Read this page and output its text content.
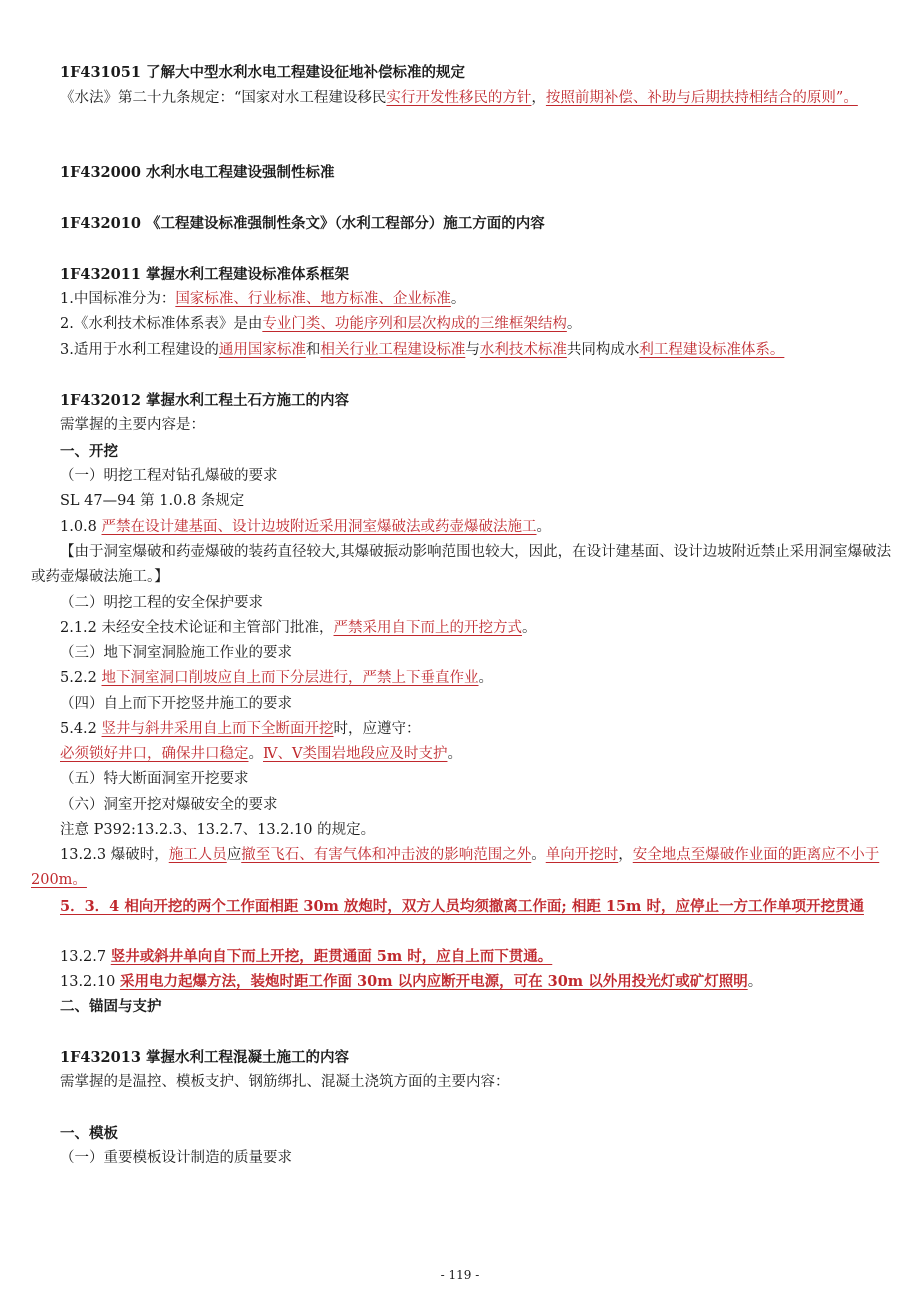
1F431051 了解大中型水利水电工程建设征地补偿标准的规定
《水法》第二十九条规定：“国家对水工程建设移民实行开发性移民的方针，按照前期补偿、补助与后期扶持相结合的原则”。
1F432000 水利水电工程建设强制性标准
1F432010 《工程建设标准强制性条文》（水利工程部分）施工方面的内容
1F432011 掌握水利工程建设标准体系框架
1.中国标准分为：国家标准、行业标准、地方标准、企业标准。
2.《水利技术标准体系表》是由专业门类、功能序列和层次构成的三维框架结构。
3.适用于水利工程建设的通用国家标准和相关行业工程建设标准与水利技术标准共同构成水利工程建设标准体系。
1F432012 掌握水利工程土石方施工的内容
需掌握的主要内容是：
一、开挖
（一）明挖工程对钻孔爆破的要求
SL 47—94 第 1.0.8 条规定
1.0.8 严禁在设计建基面、设计边坡附近采用洞室爆破法或药壶爆破法施工。
【由于洞室爆破和药壶爆破的装药直径较大,其爆破振动影响范围也较大，因此，在设计建基面、设计边坡附近禁止采用洞室爆破法或药壶爆破法施工。】
（二）明挖工程的安全保护要求
2.1.2 未经安全技术论证和主管部门批准，严禁采用自下而上的开挖方式。
（三）地下洞室洞脸施工作业的要求
5.2.2 地下洞室洞口削坡应自上而下分层进行，严禁上下垂直作业。
（四）自上而下开挖竖井施工的要求
5.4.2 竖井与斜井采用自上而下全断面开挖时，应遵守：
必须锁好井口，确保井口稳定。Ⅳ、Ⅴ类围岩地段应及时支护。
（五）特大断面洞室开挖要求
（六）洞室开挖对爆破安全的要求
注意 P392:13.2.3、13.2.7、13.2.10 的规定。
13.2.3 爆破时，施工人员应撤至飞石、有害气体和冲击波的影响范围之外。单向开挖时，安全地点至爆破作业面的距离应不小于 200m。
5．3．4 相向开挖的两个工作面相距 30m 放炮时，双方人员均须撤离工作面; 相距 15m 时，应停止一方工作单项开挖贯通
13.2.7 竖井或斜井单向自下而上开挖，距贯通面 5m 时，应自上而下贯通。
13.2.10 采用电力起爆方法，装炮时距工作面 30m 以内应断开电源，可在 30m 以外用投光灯或矿灯照明。
二、锚固与支护
1F432013 掌握水利工程混凝土施工的内容
需掌握的是温控、模板支护、钢筋绑扎、混凝土浇筑方面的主要内容：
一、模板
（一）重要模板设计制造的质量要求
- 119 -
